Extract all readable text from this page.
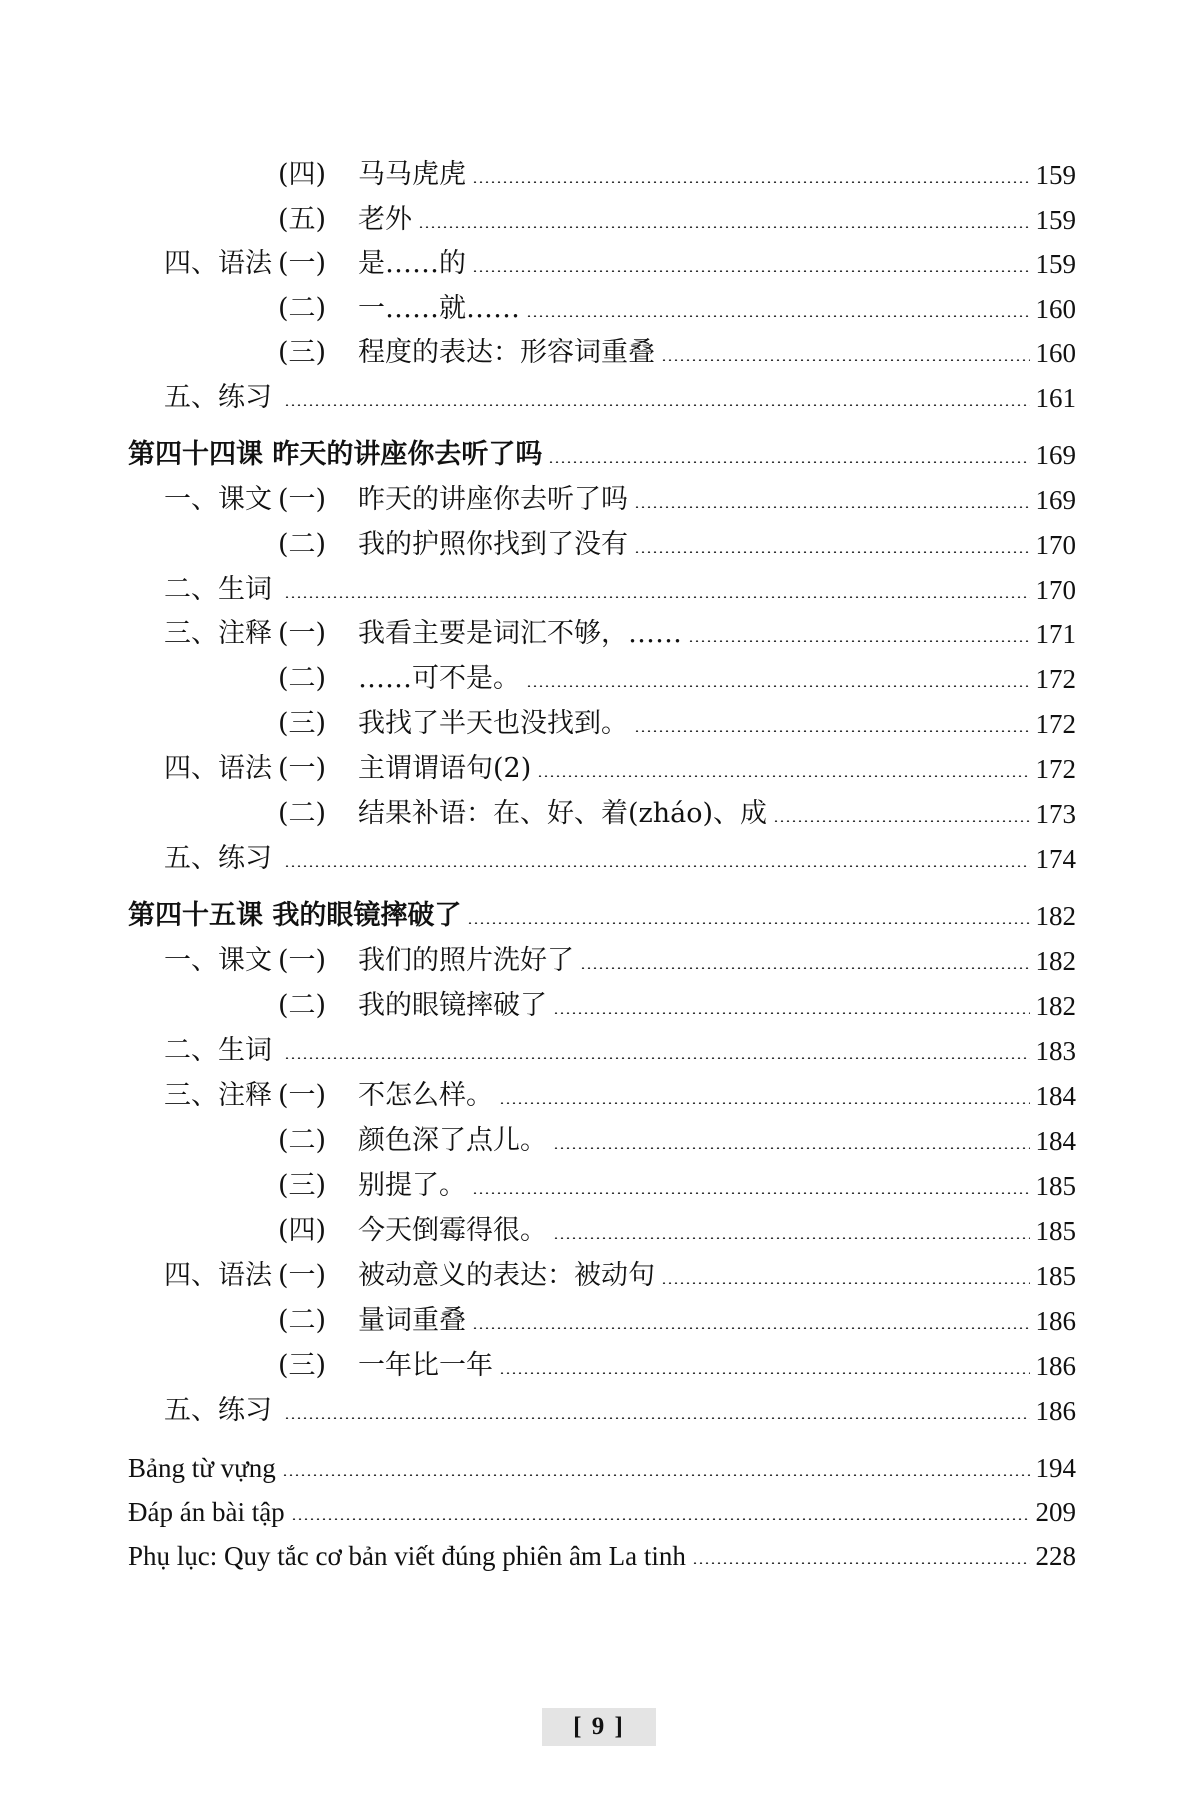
(四)	马马虎虎	159
(五)	老外	159
四、语法 (一)	是……的	159
(二)	一……就……	160
(三)	程度的表达：形容词重叠	160
五、练习	161
第四十四课 昨天的讲座你去听了吗	169
一、课文 (一)	昨天的讲座你去听了吗	169
(二)	我的护照你找到了没有	170
二、生词	170
三、注释 (一)	我看主要是词汇不够，……	171
(二)	……可不是。	172
(三)	我找了半天也没找到。	172
四、语法 (一)	主谓谓语句(2)	172
(二)	结果补语：在、好、着(zháo)、成	173
五、练习	174
第四十五课 我的眼镜摔破了	182
一、课文 (一)	我们的照片洗好了	182
(二)	我的眼镜摔破了	182
二、生词	183
三、注释 (一)	不怎么样。	184
(二)	颜色深了点儿。	184
(三)	别提了。	185
(四)	今天倒霉得很。	185
四、语法 (一)	被动意义的表达：被动句	185
(二)	量词重叠	186
(三)	一年比一年	186
五、练习	186
Bảng từ vựng	194
Đáp án bài tập	209
Phụ lục: Quy tắc cơ bản viết đúng phiên âm La tinh	228
[ 9 ]
